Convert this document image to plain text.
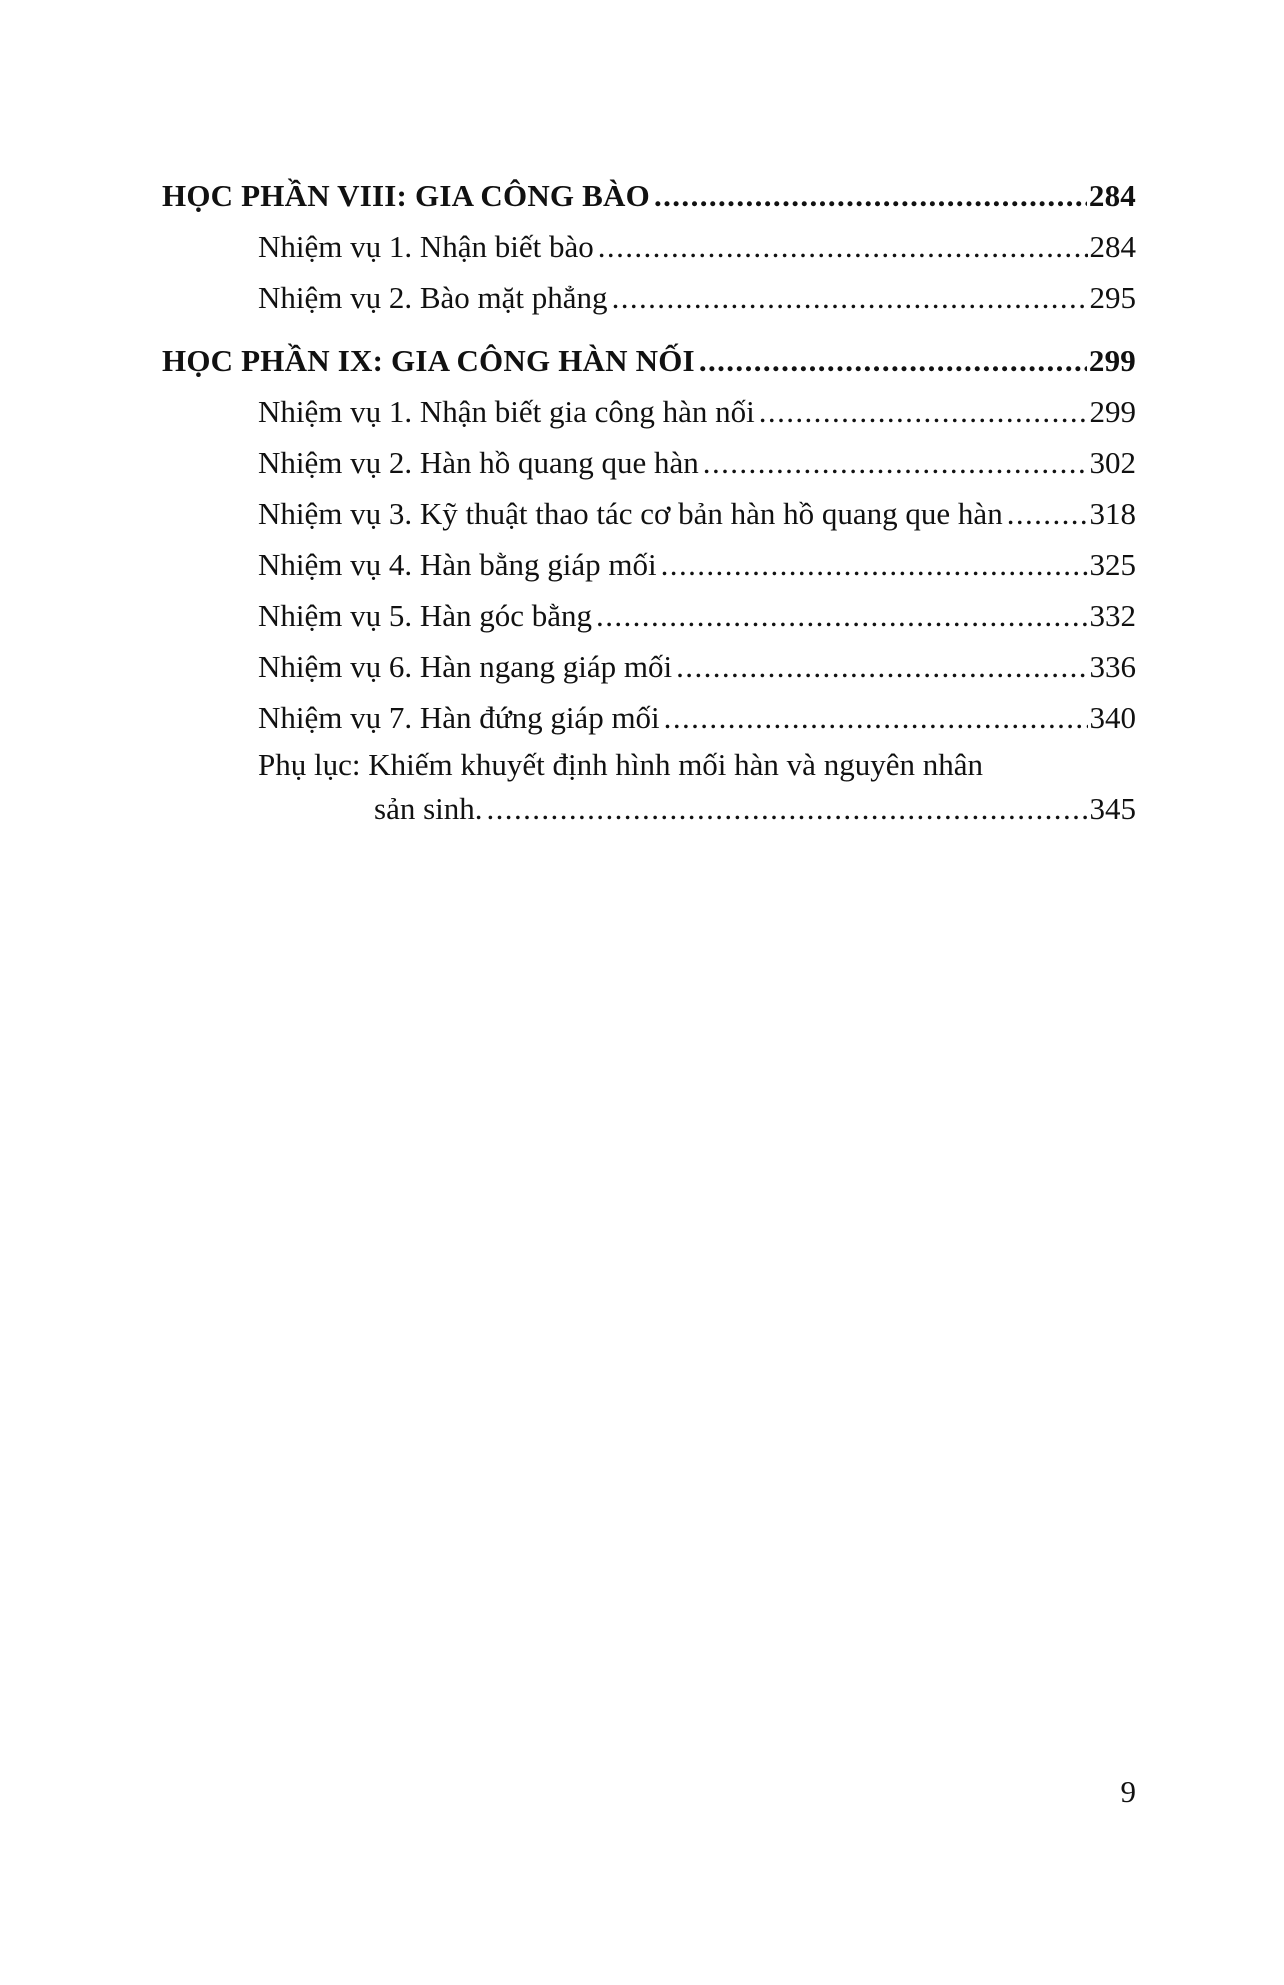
HỌC PHẦN VIII: GIA CÔNG BÀO .....	284
Nhiệm vụ 1. Nhận biết bào .....	284
Nhiệm vụ 2. Bào mặt phẳng .....	295
HỌC PHẦN IX: GIA CÔNG HÀN NỐI .....	299
Nhiệm vụ 1. Nhận biết gia công hàn nối .....	299
Nhiệm vụ 2. Hàn hồ quang que hàn .....	302
Nhiệm vụ 3. Kỹ thuật thao tác cơ bản hàn hồ quang que hàn .....	318
Nhiệm vụ 4. Hàn bằng giáp mối .....	325
Nhiệm vụ 5. Hàn góc bằng .....	332
Nhiệm vụ 6. Hàn ngang giáp mối .....	336
Nhiệm vụ 7. Hàn đứng giáp mối .....	340
Phụ lục: Khiếm khuyết định hình mối hàn và nguyên nhân
sản sinh. .....	345
9
